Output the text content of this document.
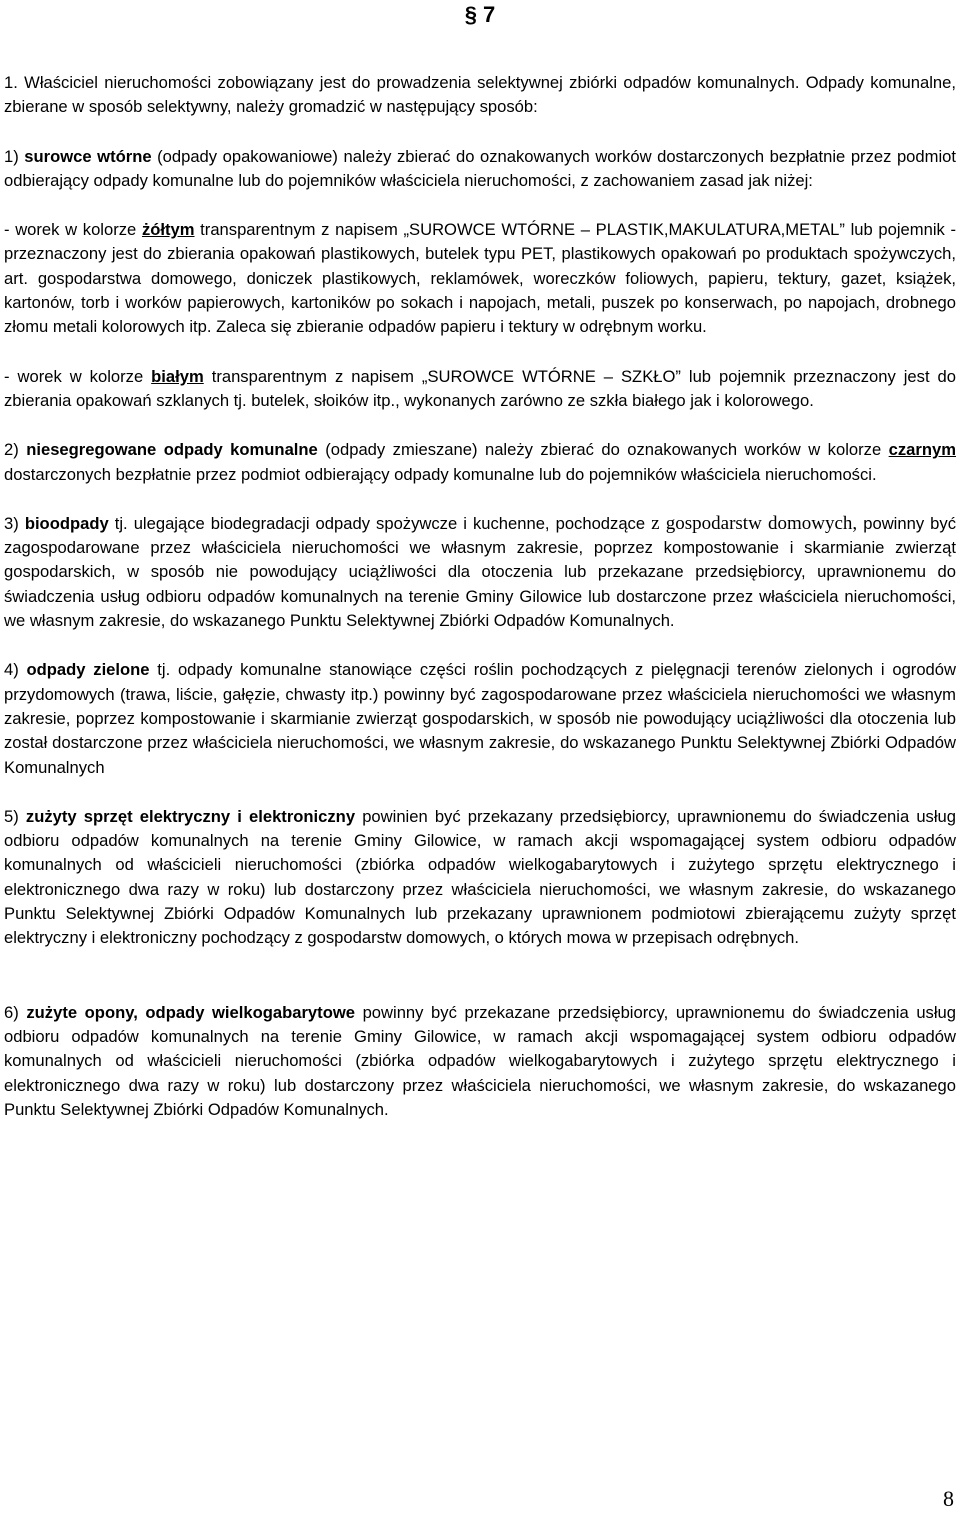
§ 7

1. Właściciel nieruchomości zobowiązany jest do prowadzenia selektywnej zbiórki odpadów komunalnych. Odpady komunalne, zbierane w sposób selektywny, należy gromadzić w następujący sposób:

1) surowce wtórne (odpady opakowaniowe) należy zbierać do oznakowanych worków dostarczonych bezpłatnie przez podmiot odbierający odpady komunalne lub do pojemników właściciela nieruchomości, z zachowaniem zasad jak niżej:

- worek w kolorze żółtym transparentnym z napisem „SUROWCE WTÓRNE – PLASTIK,MAKULATURA,METAL” lub pojemnik - przeznaczony jest do zbierania opakowań plastikowych, butelek typu PET, plastikowych opakowań po produktach spożywczych, art. gospodarstwa domowego, doniczek plastikowych, reklamówek, woreczków foliowych, papieru, tektury, gazet, książek, kartonów, torb i worków papierowych, kartoników po sokach i napojach, metali, puszek po konserwach, po napojach, drobnego złomu metali kolorowych itp. Zaleca się zbieranie odpadów papieru i tektury w odrębnym worku.

- worek w kolorze białym transparentnym z napisem „SUROWCE WTÓRNE – SZKŁO” lub pojemnik przeznaczony jest do zbierania opakowań szklanych tj. butelek, słoików itp., wykonanych zarówno ze szkła białego jak i kolorowego.

2) niesegregowane odpady komunalne (odpady zmieszane) należy zbierać do oznakowanych worków w kolorze czarnym dostarczonych bezpłatnie przez podmiot odbierający odpady komunalne lub do pojemników właściciela nieruchomości.

3) bioodpady tj. ulegające biodegradacji odpady spożywcze i kuchenne, pochodzące z gospodarstw domowych, powinny być zagospodarowane przez właściciela nieruchomości we własnym zakresie, poprzez kompostowanie i skarmianie zwierząt gospodarskich, w sposób nie powodujący uciążliwości dla otoczenia lub przekazane przedsiębiorcy, uprawnionemu do świadczenia usług odbioru odpadów komunalnych na terenie Gminy Gilowice lub dostarczone przez właściciela nieruchomości, we własnym zakresie, do wskazanego Punktu Selektywnej Zbiórki Odpadów Komunalnych.

4) odpady zielone tj. odpady komunalne stanowiące części roślin pochodzących z pielęgnacji terenów zielonych i ogrodów przydomowych (trawa, liście, gałęzie, chwasty itp.) powinny być zagospodarowane przez właściciela nieruchomości we własnym zakresie, poprzez kompostowanie i skarmianie zwierząt gospodarskich, w sposób nie powodujący uciążliwości dla otoczenia lub został dostarczone przez właściciela nieruchomości, we własnym zakresie, do wskazanego Punktu Selektywnej Zbiórki Odpadów Komunalnych

5) zużyty sprzęt elektryczny i elektroniczny powinien być przekazany przedsiębiorcy, uprawnionemu do świadczenia usług odbioru odpadów komunalnych na terenie Gminy Gilowice, w ramach akcji wspomagającej system odbioru odpadów komunalnych od właścicieli nieruchomości (zbiórka odpadów wielkogabarytowych i zużytego sprzętu elektrycznego i elektronicznego dwa razy w roku) lub dostarczony przez właściciela nieruchomości, we własnym zakresie, do wskazanego Punktu Selektywnej Zbiórki Odpadów Komunalnych lub przekazany uprawnionem podmiotowi zbierającemu zużyty sprzęt elektryczny i elektroniczny pochodzący z gospodarstw domowych, o których mowa w przepisach odrębnych.

6) zużyte opony, odpady wielkogabarytowe powinny być przekazane przedsiębiorcy, uprawnionemu do świadczenia usług odbioru odpadów komunalnych na terenie Gminy Gilowice, w ramach akcji wspomagającej system odbioru odpadów komunalnych od właścicieli nieruchomości (zbiórka odpadów wielkogabarytowych i zużytego sprzętu elektrycznego i elektronicznego dwa razy w roku) lub dostarczony przez właściciela nieruchomości, we własnym zakresie, do wskazanego Punktu Selektywnej Zbiórki Odpadów Komunalnych.

8
